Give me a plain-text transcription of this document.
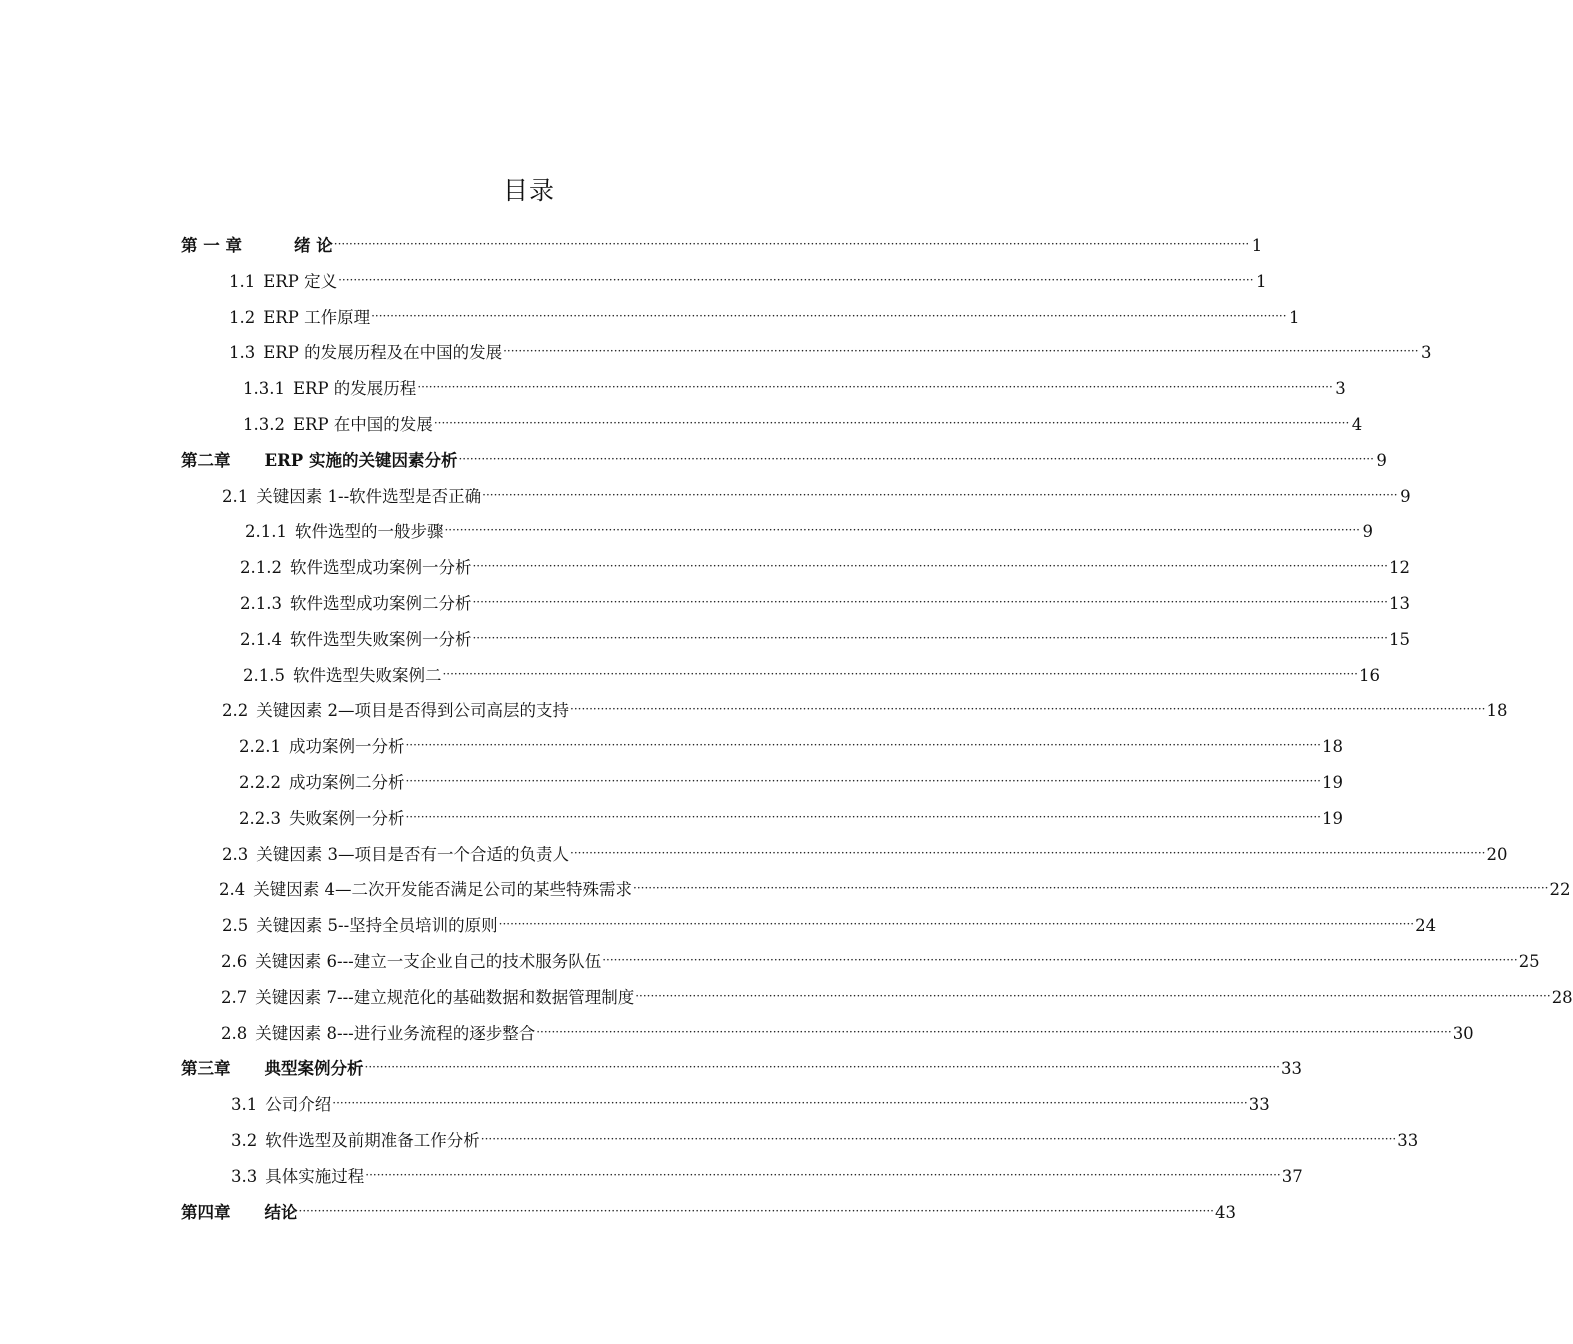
目录
第 一 章	绪 论 ················································································································································································································································ 1
1.1 ERP 定义 ················································································································································································································································ 1
1.2 ERP 工作原理 ················································································································································································································································ 1
1.3 ERP 的发展历程及在中国的发展 ················································································································································································································································ 3
1.3.1 ERP 的发展历程 ················································································································································································································································ 3
1.3.2 ERP 在中国的发展 ················································································································································································································································ 4
第二章 ERP 实施的关键因素分析 ················································································································································································································································ 9
2.1 关键因素 1--软件选型是否正确 ················································································································································································································································ 9
2.1.1 软件选型的一般步骤 ················································································································································································································································ 9
2.1.2 软件选型成功案例一分析 ················································································································································································································································ 12
2.1.3 软件选型成功案例二分析 ················································································································································································································································ 13
2.1.4 软件选型失败案例一分析 ················································································································································································································································ 15
2.1.5 软件选型失败案例二 ················································································································································································································································ 16
2.2 关键因素 2—项目是否得到公司高层的支持 ················································································································································································································································ 18
2.2.1 成功案例一分析 ················································································································································································································································ 18
2.2.2 成功案例二分析 ················································································································································································································································ 19
2.2.3 失败案例一分析 ················································································································································································································································ 19
2.3 关键因素 3—项目是否有一个合适的负责人 ················································································································································································································································ 20
2.4 关键因素 4—二次开发能否满足公司的某些特殊需求 ················································································································································································································································ 22
2.5 关键因素 5--坚持全员培训的原则 ················································································································································································································································ 24
2.6 关键因素 6---建立一支企业自己的技术服务队伍 ················································································································································································································································ 25
2.7 关键因素 7---建立规范化的基础数据和数据管理制度 ················································································································································································································································ 28
2.8 关键因素 8---进行业务流程的逐步整合 ················································································································································································································································ 30
第三章 典型案例分析 ················································································································································································································································ 33
3.1 公司介绍 ················································································································································································································································ 33
3.2 软件选型及前期准备工作分析 ················································································································································································································································ 33
3.3 具体实施过程 ················································································································································································································································ 37
第四章 结论 ················································································································································································································································ 43
